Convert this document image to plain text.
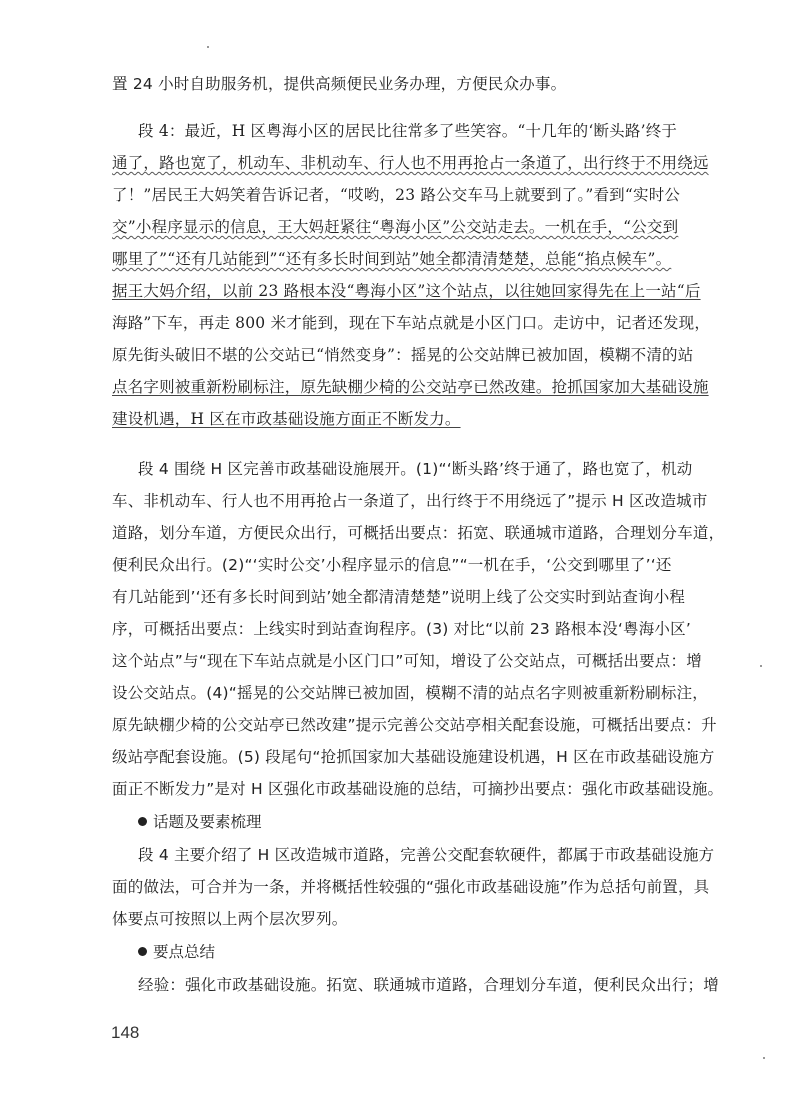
置 24 小时自助服务机，提供高频便民业务办理，方便民众办事。
段 4：最近，H 区粤海小区的居民比往常多了些笑容。“十几年的‘断头路’终于
通了，路也宽了，机动车、非机动车、行人也不用再抢占一条道了，出行终于不用绕远
了！”居民王大妈笑着告诉记者，“哎哟，23 路公交车马上就要到了。”看到“实时公
交”小程序显示的信息，王大妈赶紧往“粤海小区”公交站走去。一机在手，“公交到
哪里了”“还有几站能到”“还有多长时间到站”她全都清清楚楚，总能“掐点候车”。
据王大妈介绍，以前 23 路根本没“粤海小区”这个站点，以往她回家得先在上一站“后
海路”下车，再走 800 米才能到，现在下车站点就是小区门口。走访中，记者还发现，
原先街头破旧不堪的公交站已“悄然变身”：摇晃的公交站牌已被加固，模糊不清的站
点名字则被重新粉刷标注，原先缺棚少椅的公交站亭已然改建。抢抓国家加大基础设施
建设机遇，H 区在市政基础设施方面正不断发力。
段 4 围绕 H 区完善市政基础设施展开。(1)“‘断头路’终于通了，路也宽了，机动
车、非机动车、行人也不用再抢占一条道了，出行终于不用绕远了”提示 H 区改造城市
道路，划分车道，方便民众出行，可概括出要点：拓宽、联通城市道路，合理划分车道，
便利民众出行。(2)“‘实时公交’小程序显示的信息”“一机在手，‘公交到哪里了’‘还
有几站能到’‘还有多长时间到站’她全都清清楚楚”说明上线了公交实时到站查询小程
序，可概括出要点：上线实时到站查询程序。(3) 对比“以前 23 路根本没‘粤海小区’
这个站点”与“现在下车站点就是小区门口”可知，增设了公交站点，可概括出要点：增
设公交站点。(4)“摇晃的公交站牌已被加固，模糊不清的站点名字则被重新粉刷标注，
原先缺棚少椅的公交站亭已然改建”提示完善公交站亭相关配套设施，可概括出要点：升
级站亭配套设施。(5) 段尾句“抢抓国家加大基础设施建设机遇，H 区在市政基础设施方
面正不断发力”是对 H 区强化市政基础设施的总结，可摘抄出要点：强化市政基础设施。
话题及要素梳理
段 4 主要介绍了 H 区改造城市道路，完善公交配套软硬件，都属于市政基础设施方
面的做法，可合并为一条，并将概括性较强的“强化市政基础设施”作为总括句前置，具
体要点可按照以上两个层次罗列。
要点总结
经验：强化市政基础设施。拓宽、联通城市道路，合理划分车道，便利民众出行；增
148
